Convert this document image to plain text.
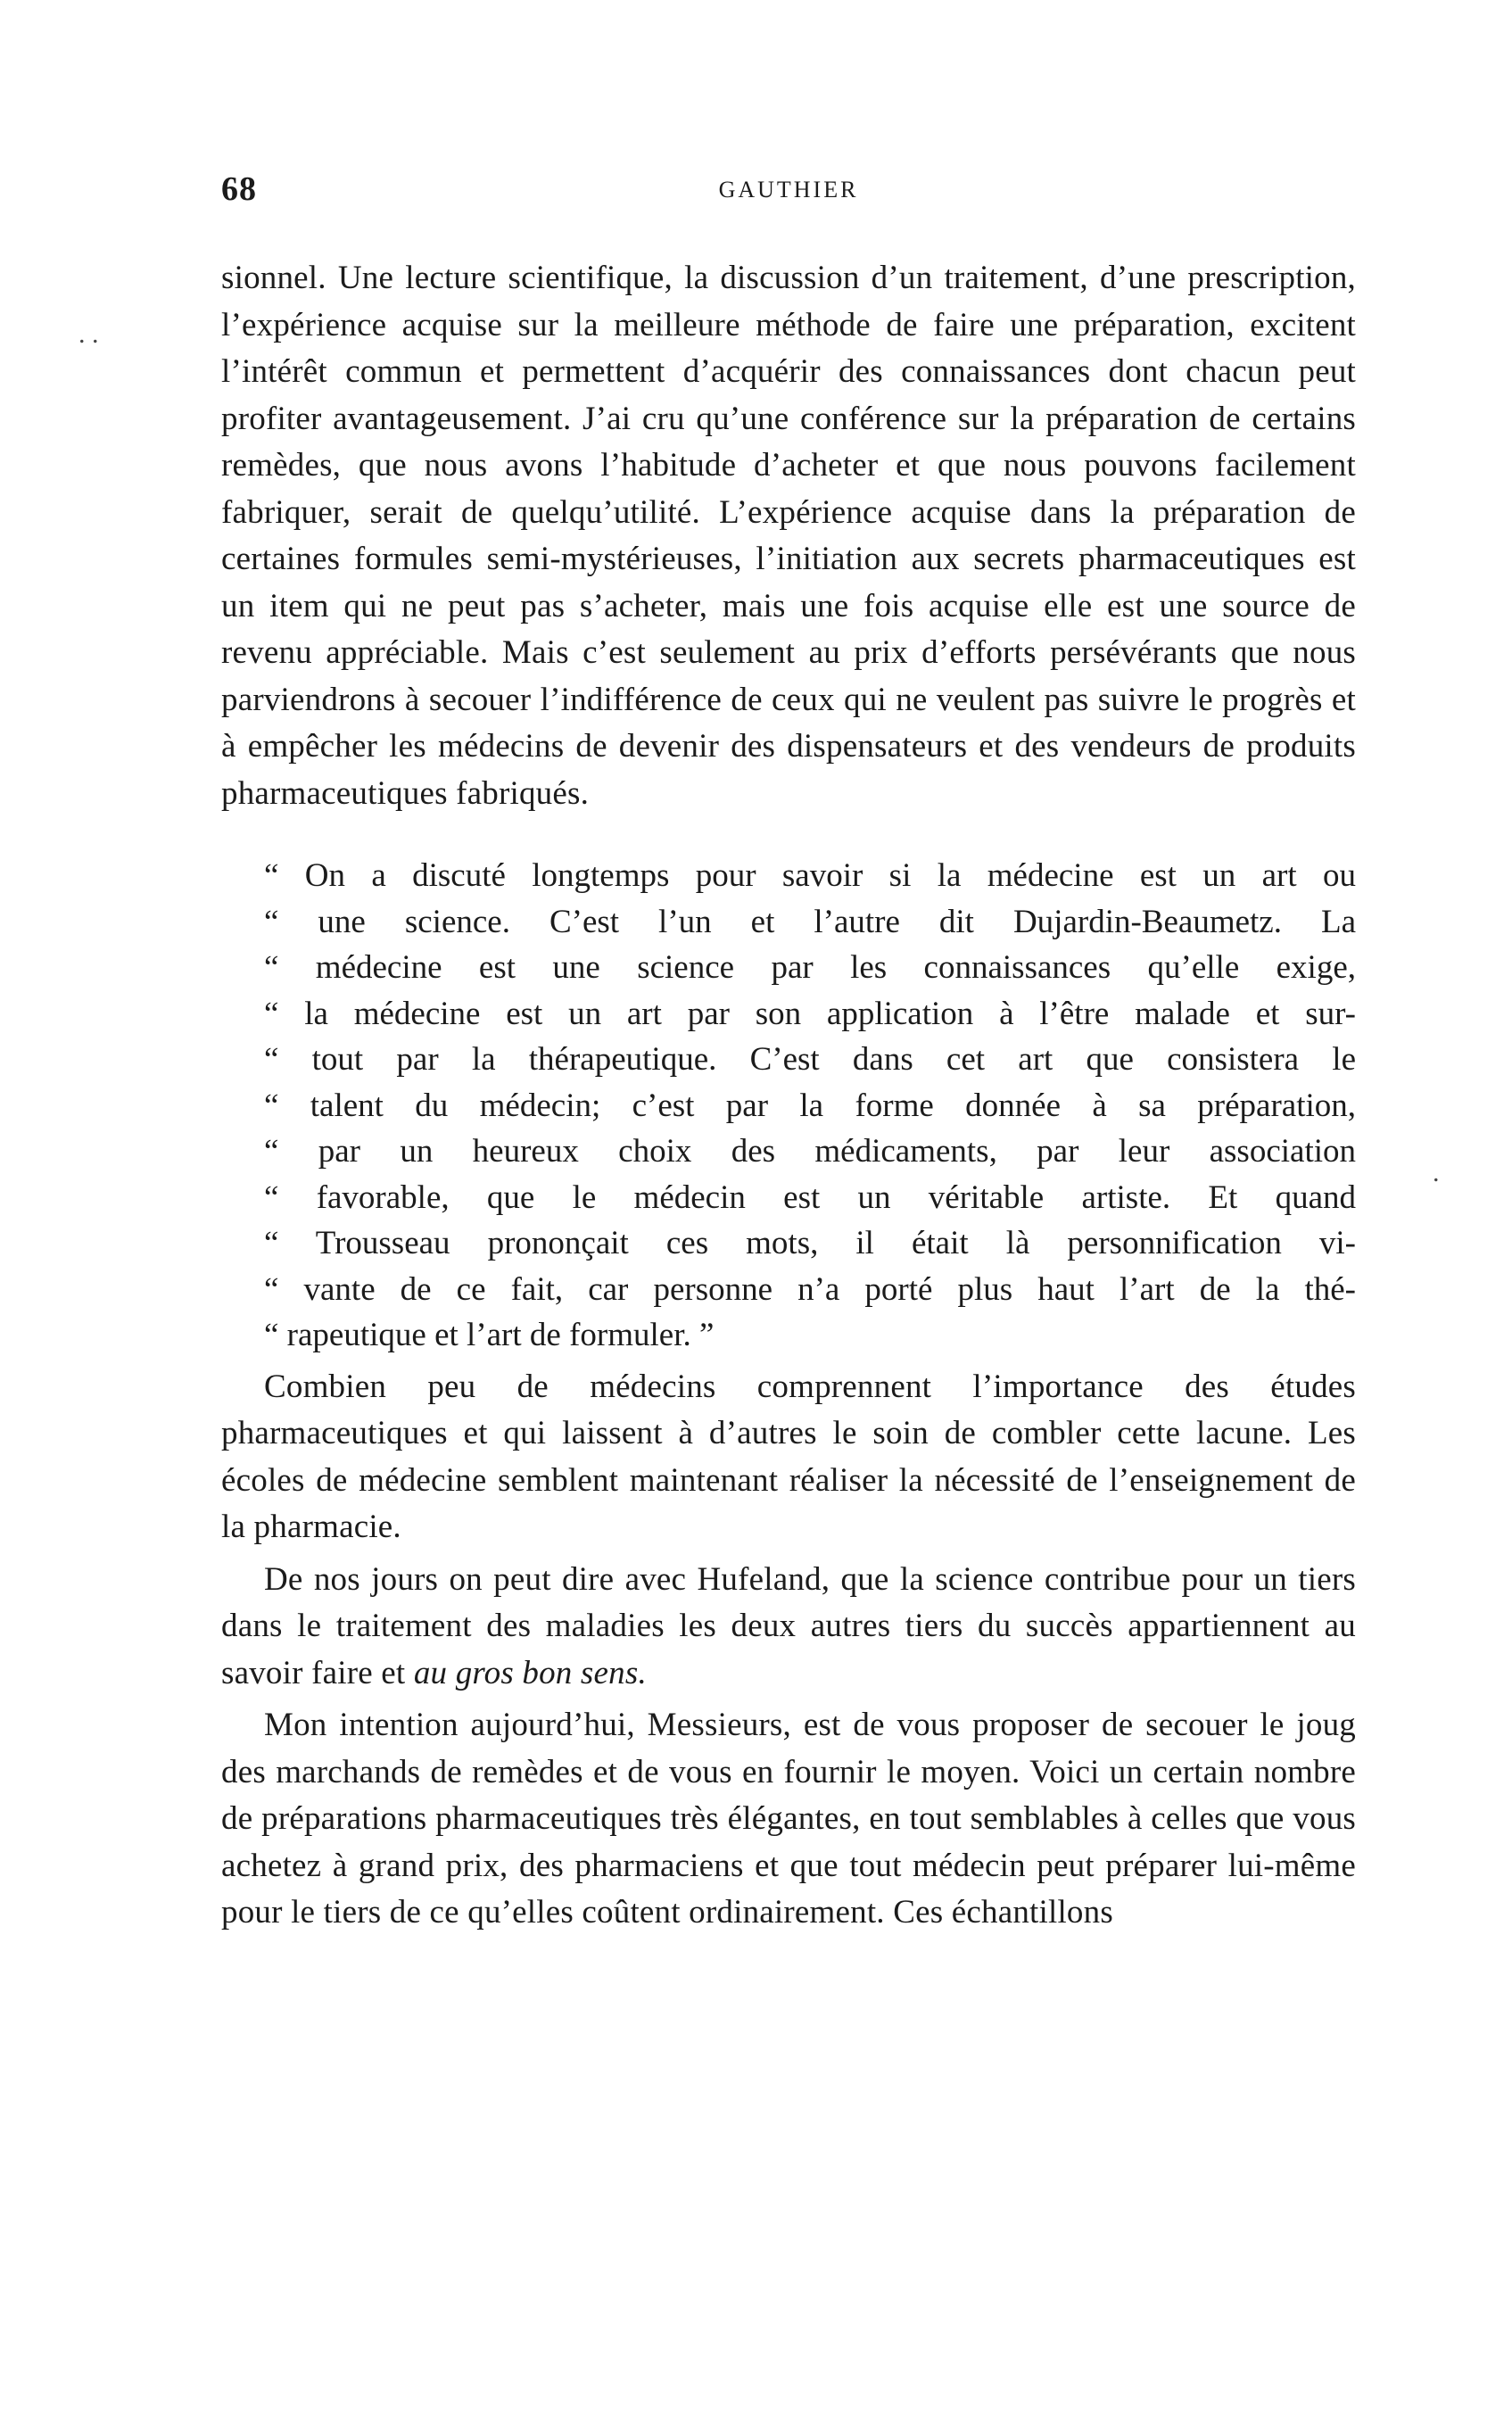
. .
.
68	GAUTHIER

sionnel. Une lecture scientifique, la discussion d’un traitement, d’une prescription, l’expérience acquise sur la meilleure méthode de faire une préparation, excitent l’intérêt commun et permettent d’acquérir des connaissances dont chacun peut profiter avantageusement. J’ai cru qu’une conférence sur la préparation de certains remèdes, que nous avons l’habitude d’acheter et que nous pouvons facilement fabriquer, serait de quelqu’utilité. L’expérience acquise dans la préparation de certaines formules semi-mystérieuses, l’initiation aux secrets pharmaceutiques est un item qui ne peut pas s’acheter, mais une fois acquise elle est une source de revenu appréciable. Mais c’est seulement au prix d’efforts persévérants que nous parviendrons à secouer l’indifférence de ceux qui ne veulent pas suivre le progrès et à empêcher les médecins de devenir des dispensateurs et des vendeurs de produits pharmaceutiques fabriqués.

“ On a discuté longtemps pour savoir si la médecine est un art ou
“ une science. C’est l’un et l’autre dit Dujardin-Beaumetz. La
“ médecine est une science par les connaissances qu’elle exige,
“ la médecine est un art par son application à l’être malade et sur-
“ tout par la thérapeutique. C’est dans cet art que consistera le
“ talent du médecin; c’est par la forme donnée à sa préparation,
“ par un heureux choix des médicaments, par leur association
“ favorable, que le médecin est un véritable artiste. Et quand
“ Trousseau prononçait ces mots, il était là personnification vi-
“ vante de ce fait, car personne n’a porté plus haut l’art de la thé-
“ rapeutique et l’art de formuler. ”

Combien peu de médecins comprennent l’importance des études pharmaceutiques et qui laissent à d’autres le soin de combler cette lacune. Les écoles de médecine semblent maintenant réaliser la nécessité de l’enseignement de la pharmacie.

De nos jours on peut dire avec Hufeland, que la science contribue pour un tiers dans le traitement des maladies les deux autres tiers du succès appartiennent au savoir faire et au gros bon sens.

Mon intention aujourd’hui, Messieurs, est de vous proposer de secouer le joug des marchands de remèdes et de vous en fournir le moyen. Voici un certain nombre de préparations pharmaceutiques très élégantes, en tout semblables à celles que vous achetez à grand prix, des pharmaciens et que tout médecin peut préparer lui-même pour le tiers de ce qu’elles coûtent ordinairement. Ces échantillons
